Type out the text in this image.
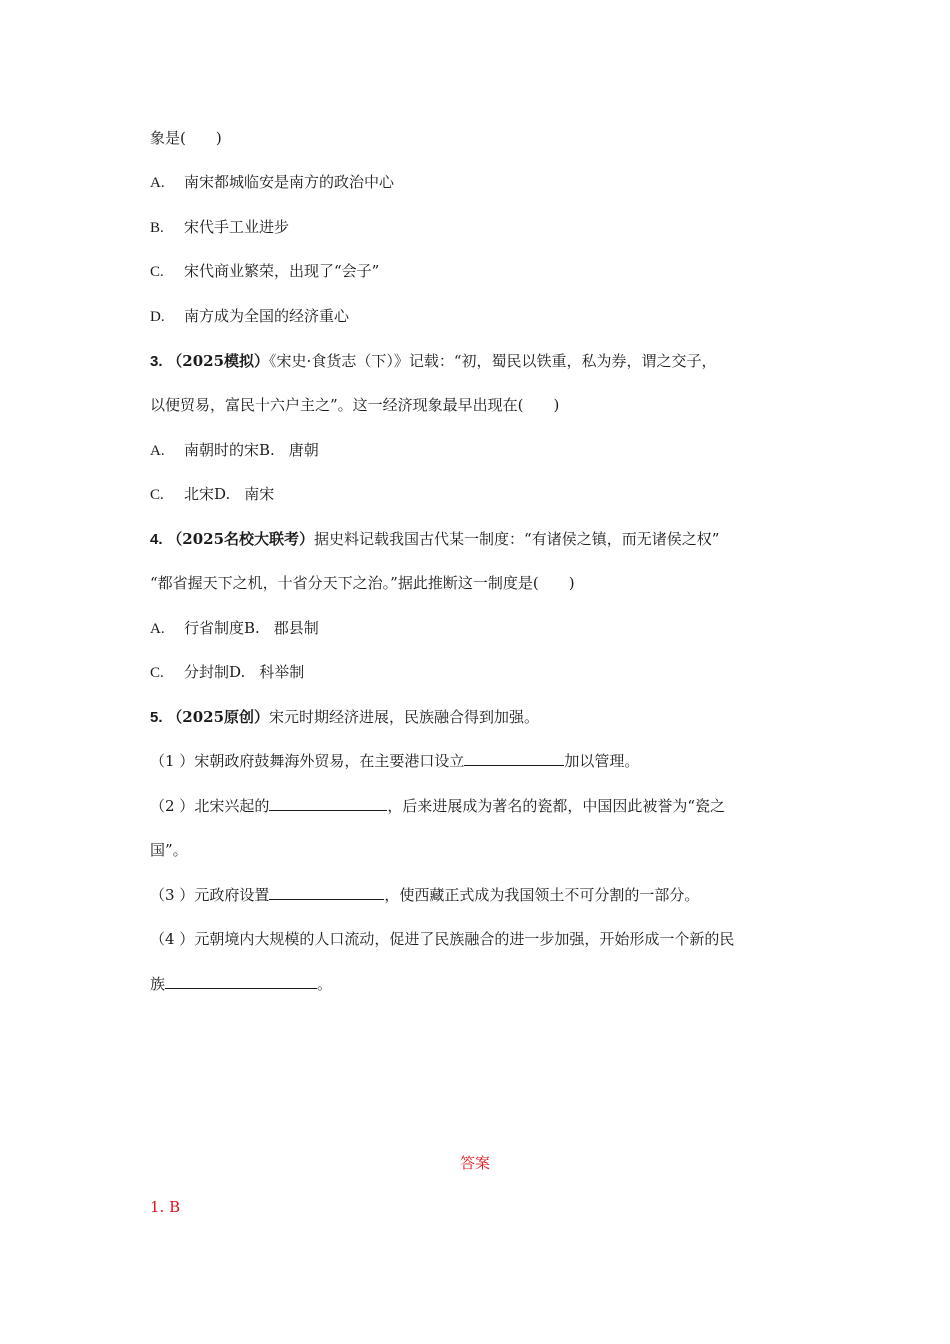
象是(　　)
A. 南宋都城临安是南方的政治中心
B. 宋代手工业进步
C. 宋代商业繁荣，出现了“会子”
D. 南方成为全国的经济重心
3. （2025模拟）《宋史·食货志（下）》记载：“初，蜀民以铁重，私为券，谓之交子，
以便贸易，富民十六户主之”。这一经济现象最早出现在(　　)
A. 南朝时的宋B. 唐朝
C. 北宋D. 南宋
4. （2025名校大联考）据史料记载我国古代某一制度：“有诸侯之镇，而无诸侯之权”
“都省握天下之机，十省分天下之治。”据此推断这一制度是(　　)
A. 行省制度B. 郡县制
C. 分封制D. 科举制
5. （2025原创）宋元时期经济进展，民族融合得到加强。
（1 ）宋朝政府鼓舞海外贸易，在主要港口设立	加以管理。
（2 ）北宋兴起的	，后来进展成为著名的瓷都，中国因此被誉为“瓷之
国”。
（3 ）元政府设置	，使西藏正式成为我国领土不可分割的一部分。
（4 ）元朝境内大规模的人口流动，促进了民族融合的进一步加强，开始形成一个新的民
族	。
答案
1. B
